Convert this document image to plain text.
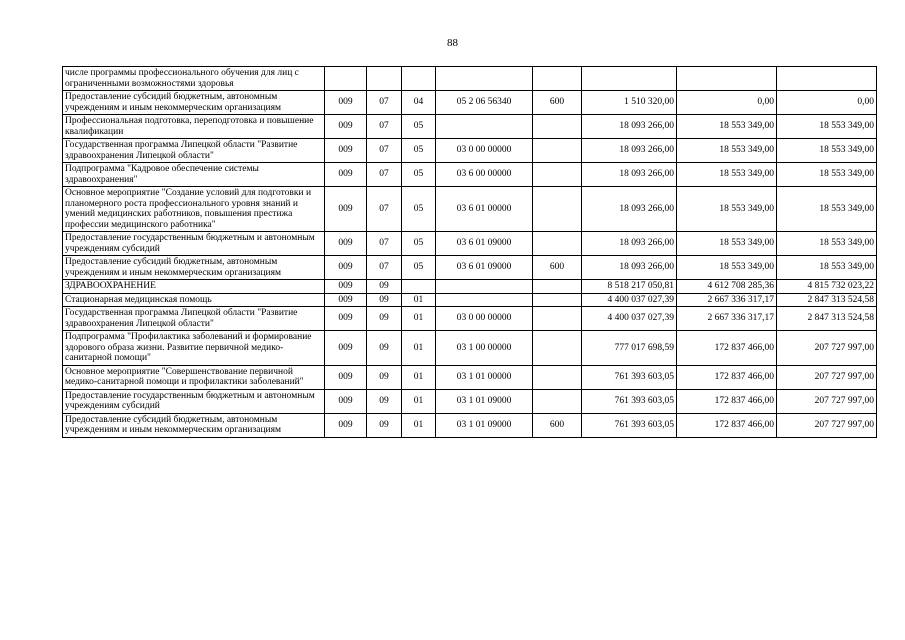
88
числе программы профессионального обучения для лиц с ограниченными возможностями здоровья								
Предоставление субсидий бюджетным, автономным учреждениям и иным некоммерческим организациям	009	07	04	05 2 06 56340	600	1 510 320,00	0,00	0,00
Профессиональная подготовка, переподготовка и повышение квалификации	009	07	05			18 093 266,00	18 553 349,00	18 553 349,00
Государственная программа Липецкой области "Развитие здравоохранения Липецкой области"	009	07	05	03 0 00 00000		18 093 266,00	18 553 349,00	18 553 349,00
Подпрограмма "Кадровое обеспечение системы здравоохранения"	009	07	05	03 6 00 00000		18 093 266,00	18 553 349,00	18 553 349,00
Основное мероприятие "Создание условий для подготовки и планомерного роста профессионального уровня знаний и умений медицинских работников, повышения престижа профессии медицинского работника"	009	07	05	03 6 01 00000		18 093 266,00	18 553 349,00	18 553 349,00
Предоставление государственным бюджетным и автономным учреждениям субсидий	009	07	05	03 6 01 09000		18 093 266,00	18 553 349,00	18 553 349,00
Предоставление субсидий бюджетным, автономным учреждениям и иным некоммерческим организациям	009	07	05	03 6 01 09000	600	18 093 266,00	18 553 349,00	18 553 349,00
ЗДРАВООХРАНЕНИЕ	009	09				8 518 217 050,81	4 612 708 285,36	4 815 732 023,22
Стационарная медицинская помощь	009	09	01			4 400 037 027,39	2 667 336 317,17	2 847 313 524,58
Государственная программа Липецкой области "Развитие здравоохранения Липецкой области"	009	09	01	03 0 00 00000		4 400 037 027,39	2 667 336 317,17	2 847 313 524,58
Подпрограмма "Профилактика заболеваний и формирование здорового образа жизни. Развитие первичной медико-санитарной помощи"	009	09	01	03 1 00 00000		777 017 698,59	172 837 466,00	207 727 997,00
Основное мероприятие "Совершенствование первичной медико-санитарной помощи и профилактики заболеваний"	009	09	01	03 1 01 00000		761 393 603,05	172 837 466,00	207 727 997,00
Предоставление государственным бюджетным и автономным учреждениям субсидий	009	09	01	03 1 01 09000		761 393 603,05	172 837 466,00	207 727 997,00
Предоставление субсидий бюджетным, автономным учреждениям и иным некоммерческим организациям	009	09	01	03 1 01 09000	600	761 393 603,05	172 837 466,00	207 727 997,00
